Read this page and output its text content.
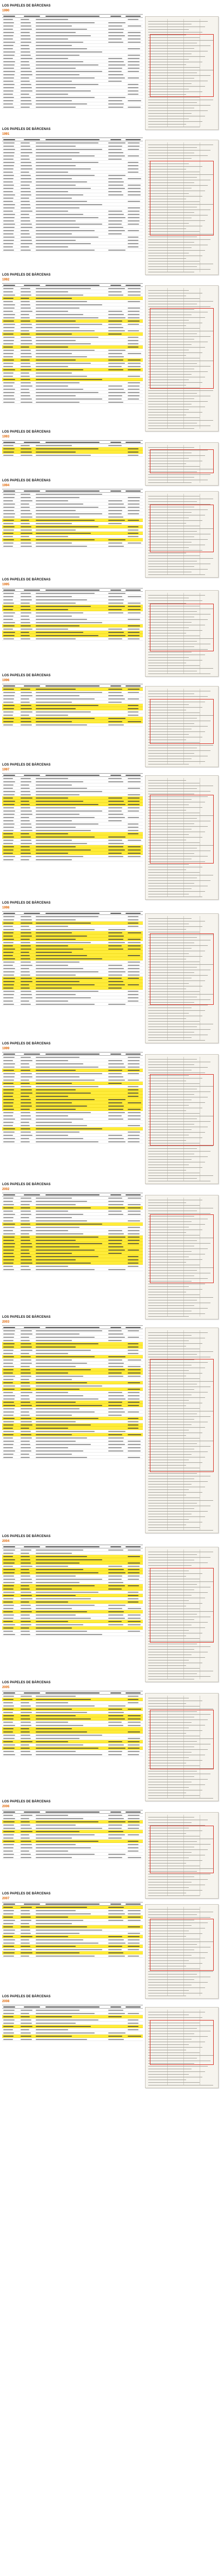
LOS PAPELES DE BÁRCENAS
1990
LOS PAPELES DE BÁRCENAS
1991
LOS PAPELES DE BÁRCENAS
1992
LOS PAPELES DE BÁRCENAS
1993
LOS PAPELES DE BÁRCENAS
1994
LOS PAPELES DE BÁRCENAS
1995
LOS PAPELES DE BÁRCENAS
1996
LOS PAPELES DE BÁRCENAS
1997
LOS PAPELES DE BÁRCENAS
1998
LOS PAPELES DE BÁRCENAS
1999
LOS PAPELES DE BÁRCENAS
2002
LOS PAPELES DE BÁRCENAS
2003
LOS PAPELES DE BÁRCENAS
2004
LOS PAPELES DE BÁRCENAS
2005
LOS PAPELES DE BÁRCENAS
2006
LOS PAPELES DE BÁRCENAS
2007
LOS PAPELES DE BÁRCENAS
2008
